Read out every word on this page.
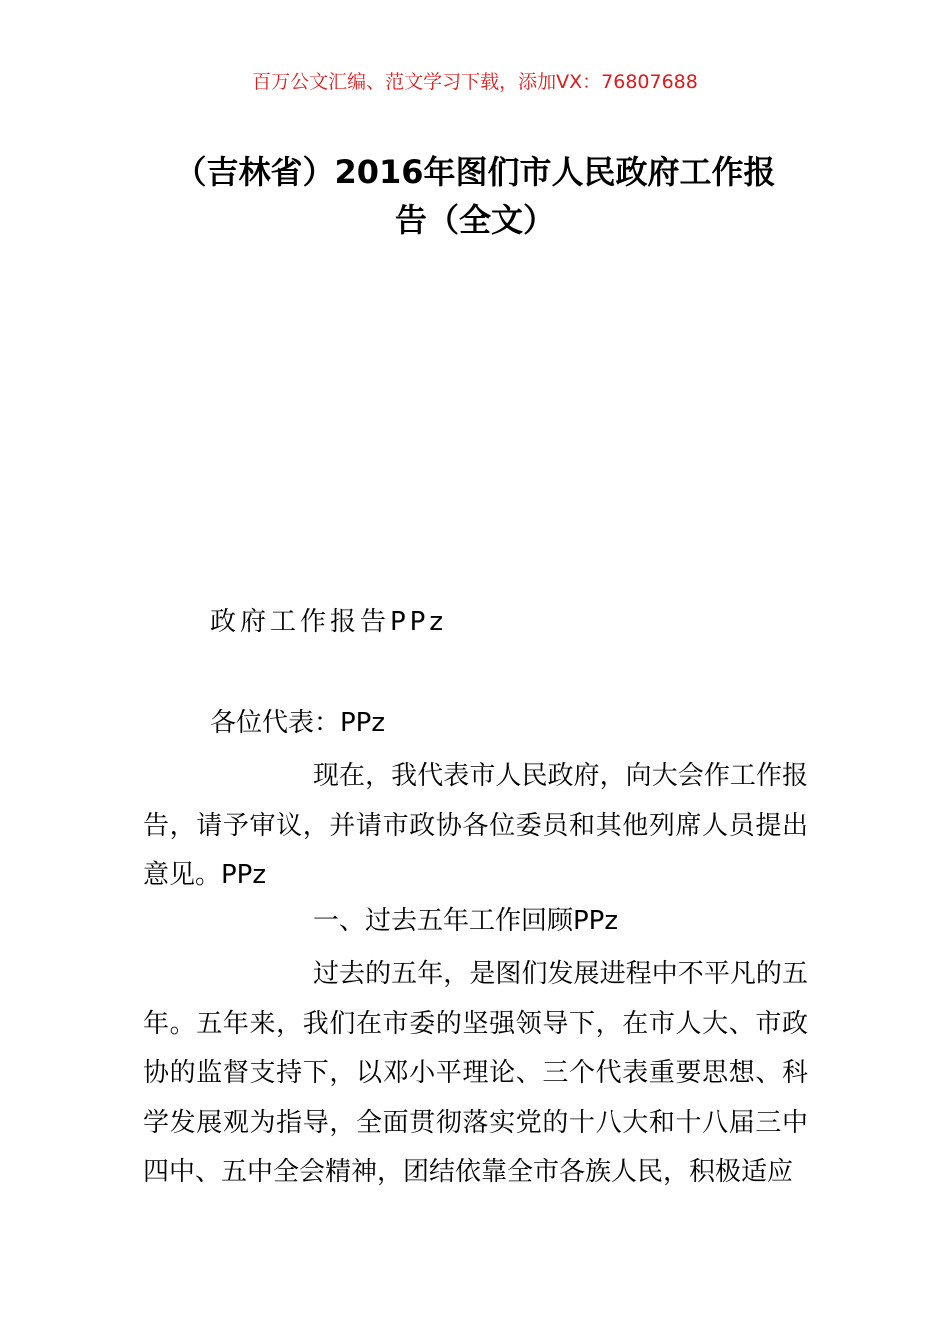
百万公文汇编、范文学习下载，添加VX：76807688
（吉林省）2016年图们市人民政府工作报
告（全文）
政府工作报告PPz
各位代表：PPz

现在，我代表市人民政府，向大会作工作报告，请予审议，并请市政协各位委员和其他列席人员提出意见。PPz

一、过去五年工作回顾PPz

过去的五年，是图们发展进程中不平凡的五年。五年来，我们在市委的坚强领导下，在市人大、市政协的监督支持下，以邓小平理论、三个代表重要思想、科学发展观为指导，全面贯彻落实党的十八大和十八届三中四中、五中全会精神，团结依靠全市各族人民，积极适应
